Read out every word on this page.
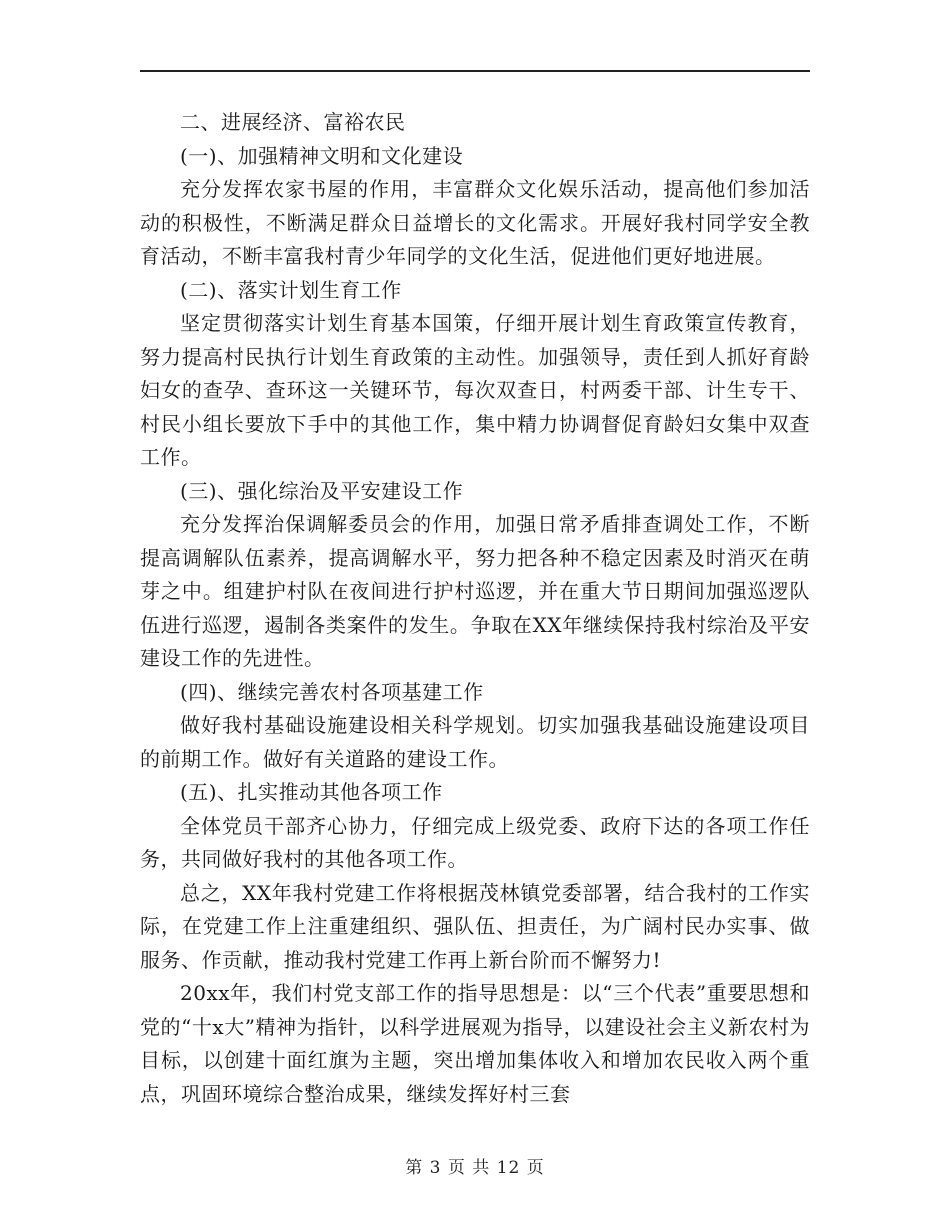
二、进展经济、富裕农民

(一)、加强精神文明和文化建设

充分发挥农家书屋的作用，丰富群众文化娱乐活动，提高他们参加活动的积极性，不断满足群众日益增长的文化需求。开展好我村同学安全教育活动，不断丰富我村青少年同学的文化生活，促进他们更好地进展。

(二)、落实计划生育工作

坚定贯彻落实计划生育基本国策，仔细开展计划生育政策宣传教育，努力提高村民执行计划生育政策的主动性。加强领导，责任到人抓好育龄妇女的查孕、查环这一关键环节，每次双查日，村两委干部、计生专干、村民小组长要放下手中的其他工作，集中精力协调督促育龄妇女集中双查工作。

(三)、强化综治及平安建设工作

充分发挥治保调解委员会的作用，加强日常矛盾排查调处工作，不断提高调解队伍素养，提高调解水平，努力把各种不稳定因素及时消灭在萌芽之中。组建护村队在夜间进行护村巡逻，并在重大节日期间加强巡逻队伍进行巡逻，遏制各类案件的发生。争取在XX年继续保持我村综治及平安建设工作的先进性。

(四)、继续完善农村各项基建工作

做好我村基础设施建设相关科学规划。切实加强我基础设施建设项目的前期工作。做好有关道路的建设工作。

(五)、扎实推动其他各项工作

全体党员干部齐心协力，仔细完成上级党委、政府下达的各项工作任务，共同做好我村的其他各项工作。

总之，XX年我村党建工作将根据茂林镇党委部署，结合我村的工作实际，在党建工作上注重建组织、强队伍、担责任，为广阔村民办实事、做服务、作贡献，推动我村党建工作再上新台阶而不懈努力!

20xx年，我们村党支部工作的指导思想是：以“三个代表”重要思想和党的“十x大”精神为指针，以科学进展观为指导，以建设社会主义新农村为目标，以创建十面红旗为主题，突出增加集体收入和增加农民收入两个重点，巩固环境综合整治成果，继续发挥好村三套

第 3 页 共 12 页
